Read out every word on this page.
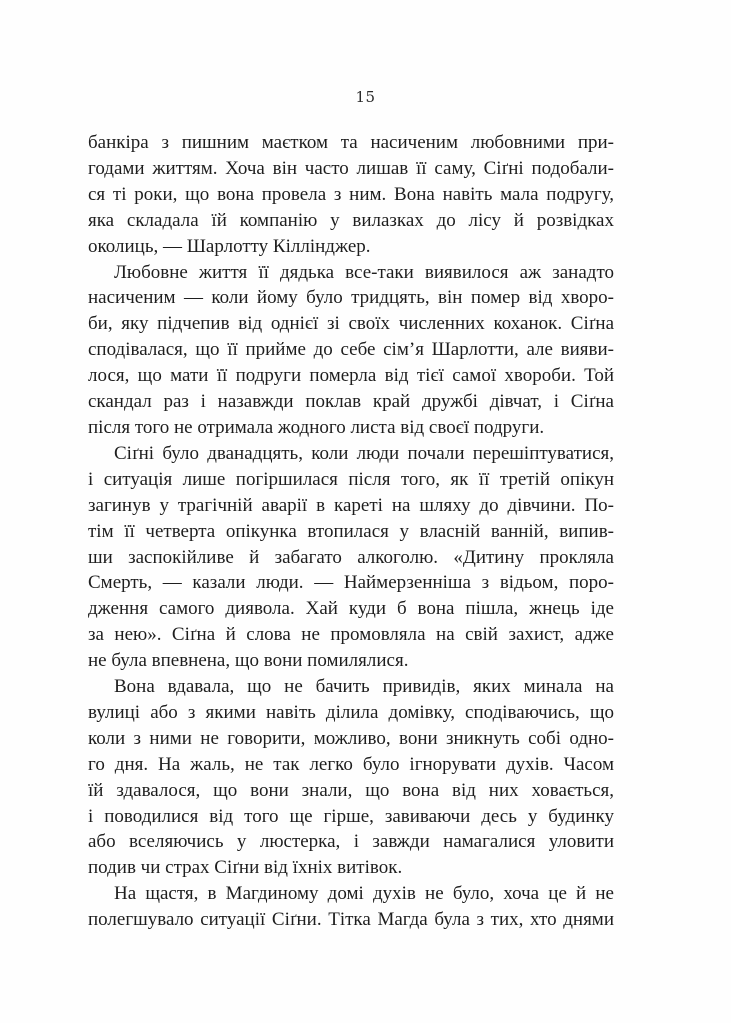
15
банкіра з пишним маєтком та насиченим любовними при-
годами життям. Хоча він часто лишав її саму, Сіґні подобали-
ся ті роки, що вона провела з ним. Вона навіть мала подругу,
яка складала їй компанію у вилазках до лісу й розвідках
околиць, — Шарлотту Кіллінджер.
Любовне життя її дядька все-таки виявилося аж занадто
насиченим — коли йому було тридцять, він помер від хворо-
би, яку підчепив від однієї зі своїх численних коханок. Сіґна
сподівалася, що її прийме до себе сім’я Шарлотти, але вияви-
лося, що мати її подруги померла від тієї самої хвороби. Той
скандал раз і назавжди поклав край дружбі дівчат, і Сіґна
після того не отримала жодного листа від своєї подруги.
Сіґні було дванадцять, коли люди почали перешіптуватися,
і ситуація лише погіршилася після того, як її третій опікун
загинув у трагічній аварії в кареті на шляху до дівчини. По-
тім її четверта опікунка втопилася у власній ванній, випив-
ши заспокійливе й забагато алкоголю. «Дитину прокляла
Смерть, — казали люди. — Наймерзенніша з відьом, поро-
дження самого диявола. Хай куди б вона пішла, жнець іде
за нею». Сіґна й слова не промовляла на свій захист, адже
не була впевнена, що вони помилялися.
Вона вдавала, що не бачить привидів, яких минала на
вулиці або з якими навіть ділила домівку, сподіваючись, що
коли з ними не говорити, можливо, вони зникнуть собі одно-
го дня. На жаль, не так легко було ігнорувати духів. Часом
їй здавалося, що вони знали, що вона від них ховається,
і поводилися від того ще гірше, завиваючи десь у будинку
або вселяючись у люстерка, і завжди намагалися уловити
подив чи страх Сіґни від їхніх витівок.
На щастя, в Магдиному домі духів не було, хоча це й не
полегшувало ситуації Сіґни. Тітка Магда була з тих, хто днями
